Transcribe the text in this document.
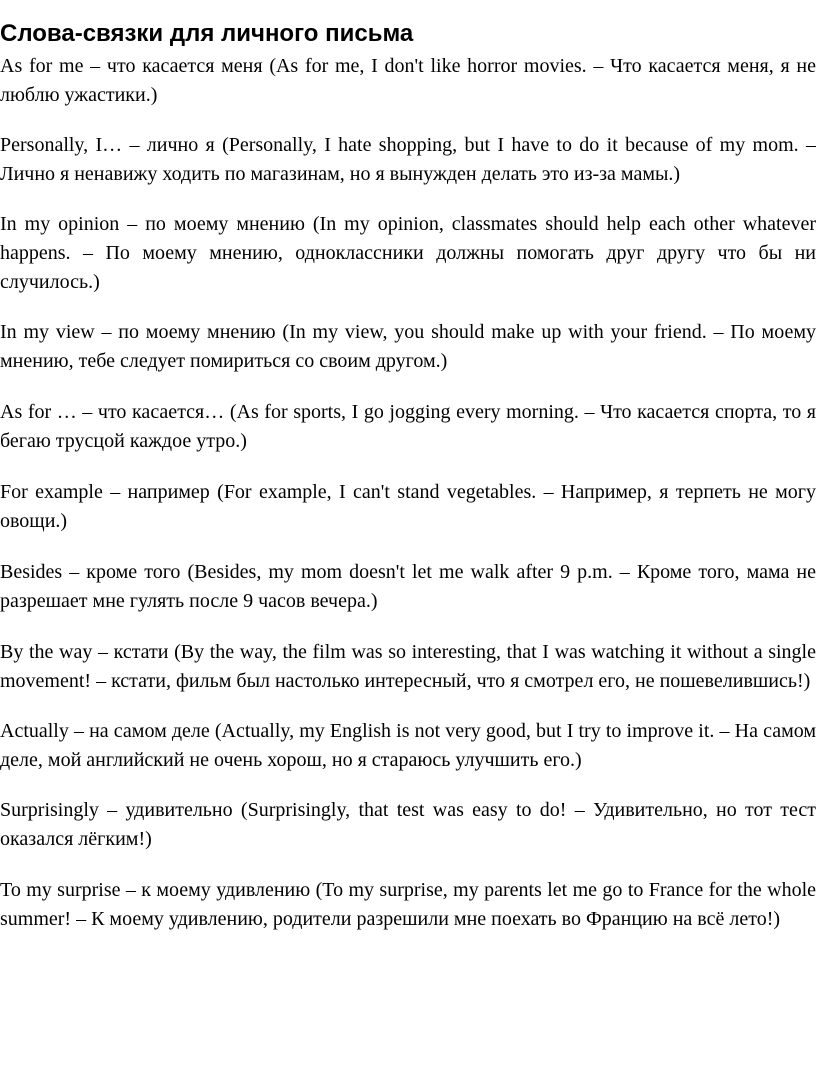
Слова-связки для личного письма

As for me – что касается меня (As for me, I don't like horror movies. – Что касается меня, я не люблю ужастики.)

Personally, I… – лично я (Personally, I hate shopping, but I have to do it because of my mom. – Лично я ненавижу ходить по магазинам, но я вынужден делать это из-за мамы.)

In my opinion – по моему мнению (In my opinion, classmates should help each other whatever happens. – По моему мнению, одноклассники должны помогать друг другу что бы ни случилось.)

In my view – по моему мнению (In my view, you should make up with your friend. – По моему мнению, тебе следует помириться со своим другом.)

As for … – что касается… (As for sports, I go jogging every morning. – Что касается спорта, то я бегаю трусцой каждое утро.)

For example – например (For example, I can't stand vegetables. – Например, я терпеть не могу овощи.)

Besides – кроме того (Besides, my mom doesn't let me walk after 9 p.m. – Кроме того, мама не разрешает мне гулять после 9 часов вечера.)

By the way – кстати (By the way, the film was so interesting, that I was watching it without a single movement! – кстати, фильм был настолько интересный, что я смотрел его, не пошевелившись!)

Actually – на самом деле (Actually, my English is not very good, but I try to improve it. – На самом деле, мой английский не очень хорош, но я стараюсь улучшить его.)

Surprisingly – удивительно (Surprisingly, that test was easy to do! – Удивительно, но тот тест оказался лёгким!)

To my surprise – к моему удивлению (To my surprise, my parents let me go to France for the whole summer! – К моему удивлению, родители разрешили мне поехать во Францию на всё лето!)
